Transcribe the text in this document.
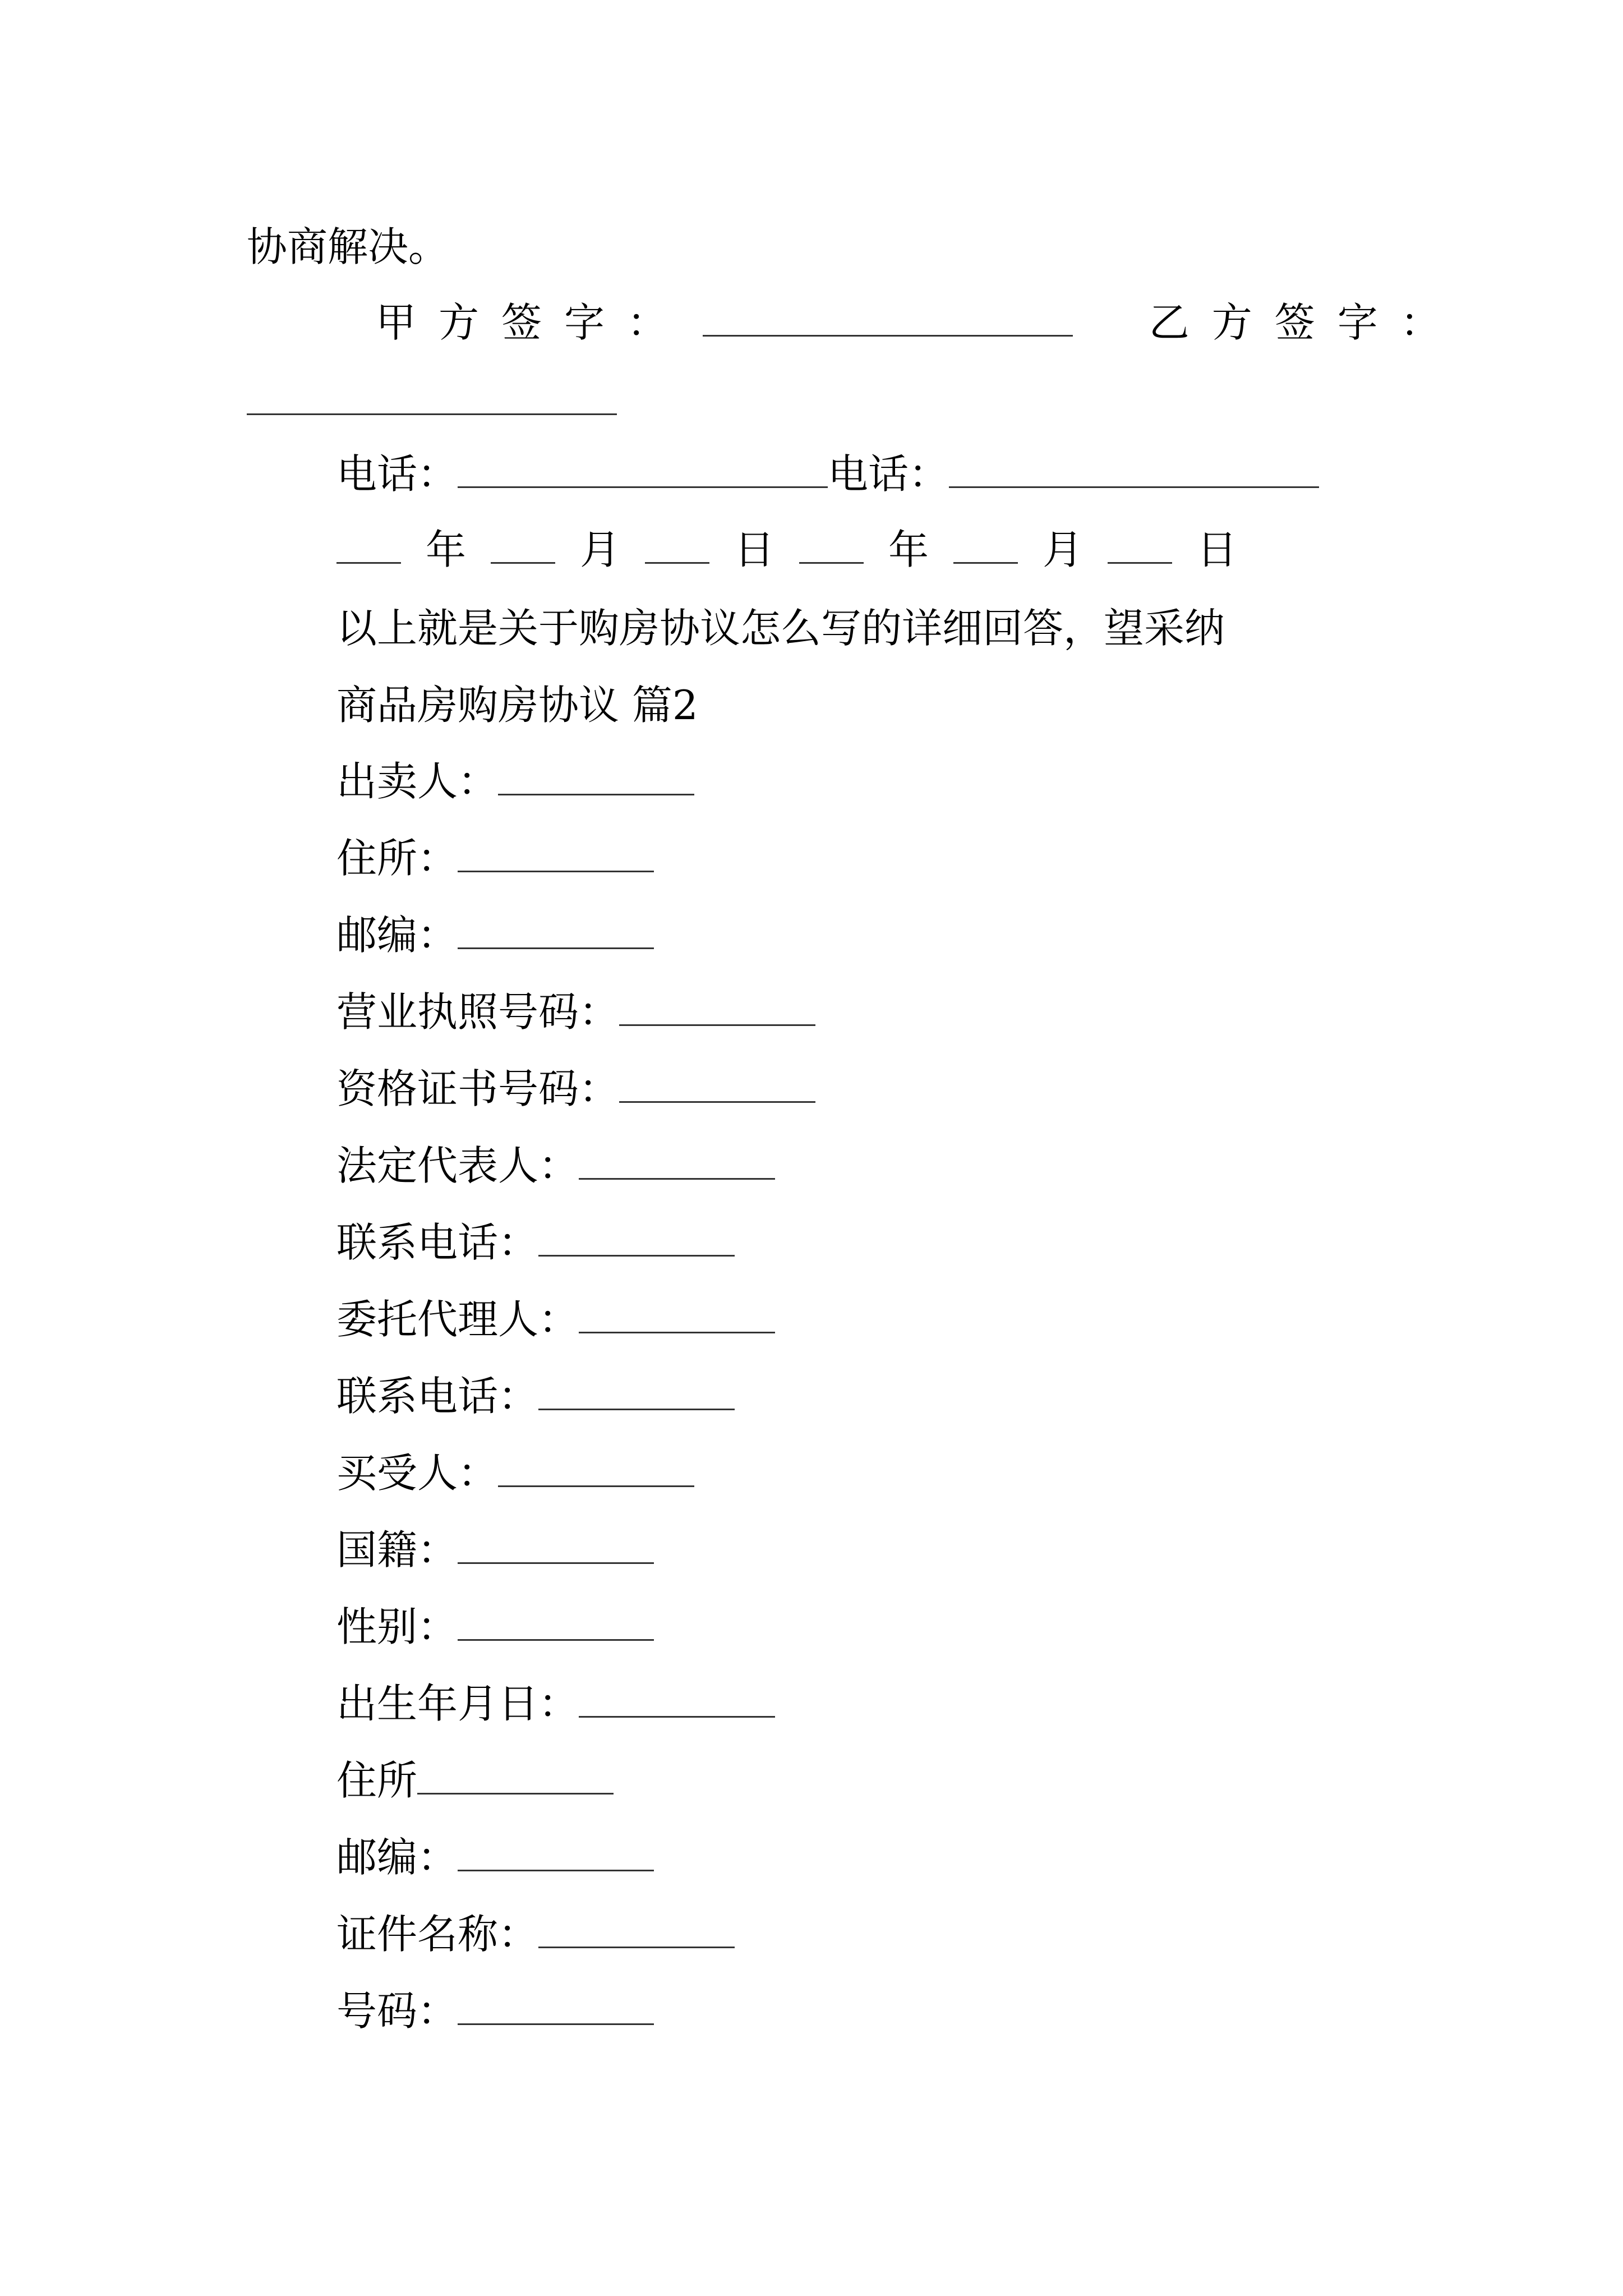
协商解决。
甲方签字：	乙方签字：
电话：	电话：
年	月	日	年	月	日
以上就是关于购房协议怎么写的详细回答，望采纳
商品房购房协议 篇2
出卖人：
住所：
邮编：
营业执照号码：
资格证书号码：
法定代表人：
联系电话：
委托代理人：
联系电话：
买受人：
国籍：
性别：
出生年月日：
住所
邮编：
证件名称：
号码：
